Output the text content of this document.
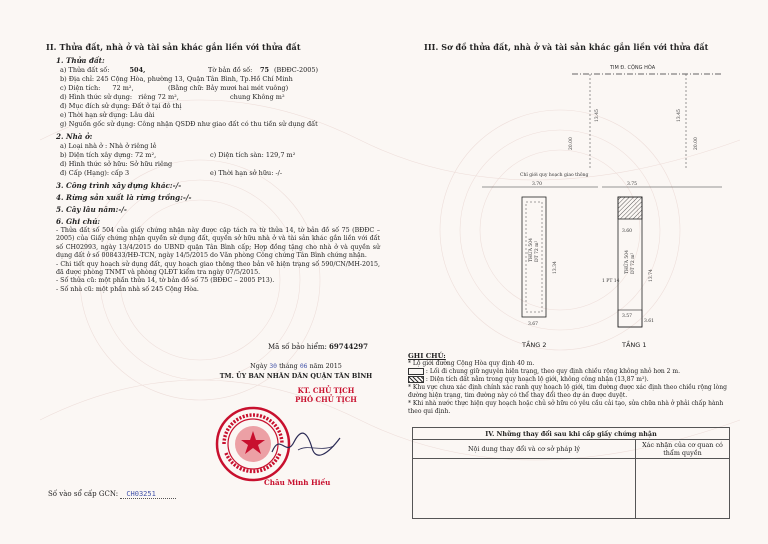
II. Thửa đất, nhà ở và tài sản khác gắn liền với thửa đất
1. Thửa đất:
a) Thửa đất số:	504,	Tờ bản đồ số: 75 (BĐĐC-2005)
b) Địa chỉ: 245 Cộng Hòa, phường 13, Quận Tân Bình, Tp.Hồ Chí Minh
c) Diện tích: 72 m²,	(Bằng chữ: Bảy mươi hai mét vuông)
d) Hình thức sử dụng: riêng 72 m²,	chung Không m²
đ) Mục đích sử dụng: Đất ở tại đô thị
e) Thời hạn sử dụng: Lâu dài
g) Nguồn gốc sử dụng: Công nhận QSDĐ như giao đất có thu tiền sử dụng đất
2. Nhà ở:
a) Loại nhà ở : Nhà ở riêng lẻ
b) Diện tích xây dựng: 72 m²,	c) Diện tích sàn: 129,7 m²
d) Hình thức sở hữu: Sở hữu riêng
đ) Cấp (Hạng): cấp 3	e) Thời hạn sở hữu: -/-
3. Công trình xây dựng khác:-/-
4. Rừng sản xuất là rừng trồng:-/-
5. Cây lâu năm:-/-
6. Ghi chú:
- Thửa đất số 504 của giấy chứng nhận này được cập tách ra từ thửa 14, tờ bản đồ số 75 (BĐĐC – 2005) của Giấy chứng nhận quyền sử dụng đất, quyền sở hữu nhà ở và tài sản khác gắn liền với đất số CH02993, ngày 13/4/2015 do UBND quận Tân Bình cấp; Hợp đồng tặng cho nhà ở và quyền sử dụng đất ở số 008433/HĐ-TCN, ngày 14/5/2015 do Văn phòng Công chứng Tân Bình chứng nhận.
- Chi tiết quy hoạch sử dụng đất, quy hoạch giao thông theo bản vẽ hiện trạng số 590/CN/MH-2015, đã được phòng TNMT và phòng QLĐT kiểm tra ngày 07/5/2015.
- Số thửa cũ: một phần thửa 14, tờ bản đồ số 75 (BĐĐC – 2005 P13).
- Số nhà cũ: một phần nhà số 245 Cộng Hòa.
Mã số bảo hiểm: 69744297
Ngày 30 tháng 06 năm 2015
TM. ỦY BAN NHÂN DÂN QUẬN TÂN BÌNH
KT. CHỦ TỊCH
PHÓ CHỦ TỊCH
Châu Minh Hiếu
Số vào sổ cấp GCN: CH03251
III. Sơ đồ thửa đất, nhà ở và tài sản khác gắn liền với thửa đất
TIM Đ. CỘNG HÒA
20.00	20.00
13.45	13.45
Chỉ giới quy hoạch giao thông
3.70	3.75
THỬA 504 DT 72 m²
13.34
3.67
TẦNG 2
THỬA 504 DT 72 m²
13.74
3.60
3.57
3.61
1 PT 14
TẦNG 1
GHI CHÚ:
* Lộ giới đường Cộng Hòa quy định 40 m.
: Lối đi chung giữ nguyên hiện trạng, theo quy định chiều rộng không nhỏ hơn 2 m.
: Diện tích đất nằm trong quy hoạch lộ giới, không công nhận (13,87 m²).
* Khu vực chưa xác định chính xác ranh quy hoạch lộ giới, tim đường được xác định theo chiều rộng lòng đường hiện trạng, tim đường này có thể thay đổi theo dự án được duyệt.
* Khi nhà nước thực hiện quy hoạch hoặc chủ sở hữu có yêu cầu cải tạo, sửa chữa nhà ở phải chấp hành theo qui định.
IV. Những thay đổi sau khi cấp giấy chứng nhận	
Nội dung thay đổi và cơ sở pháp lý	Xác nhận của cơ quan có thẩm quyền
